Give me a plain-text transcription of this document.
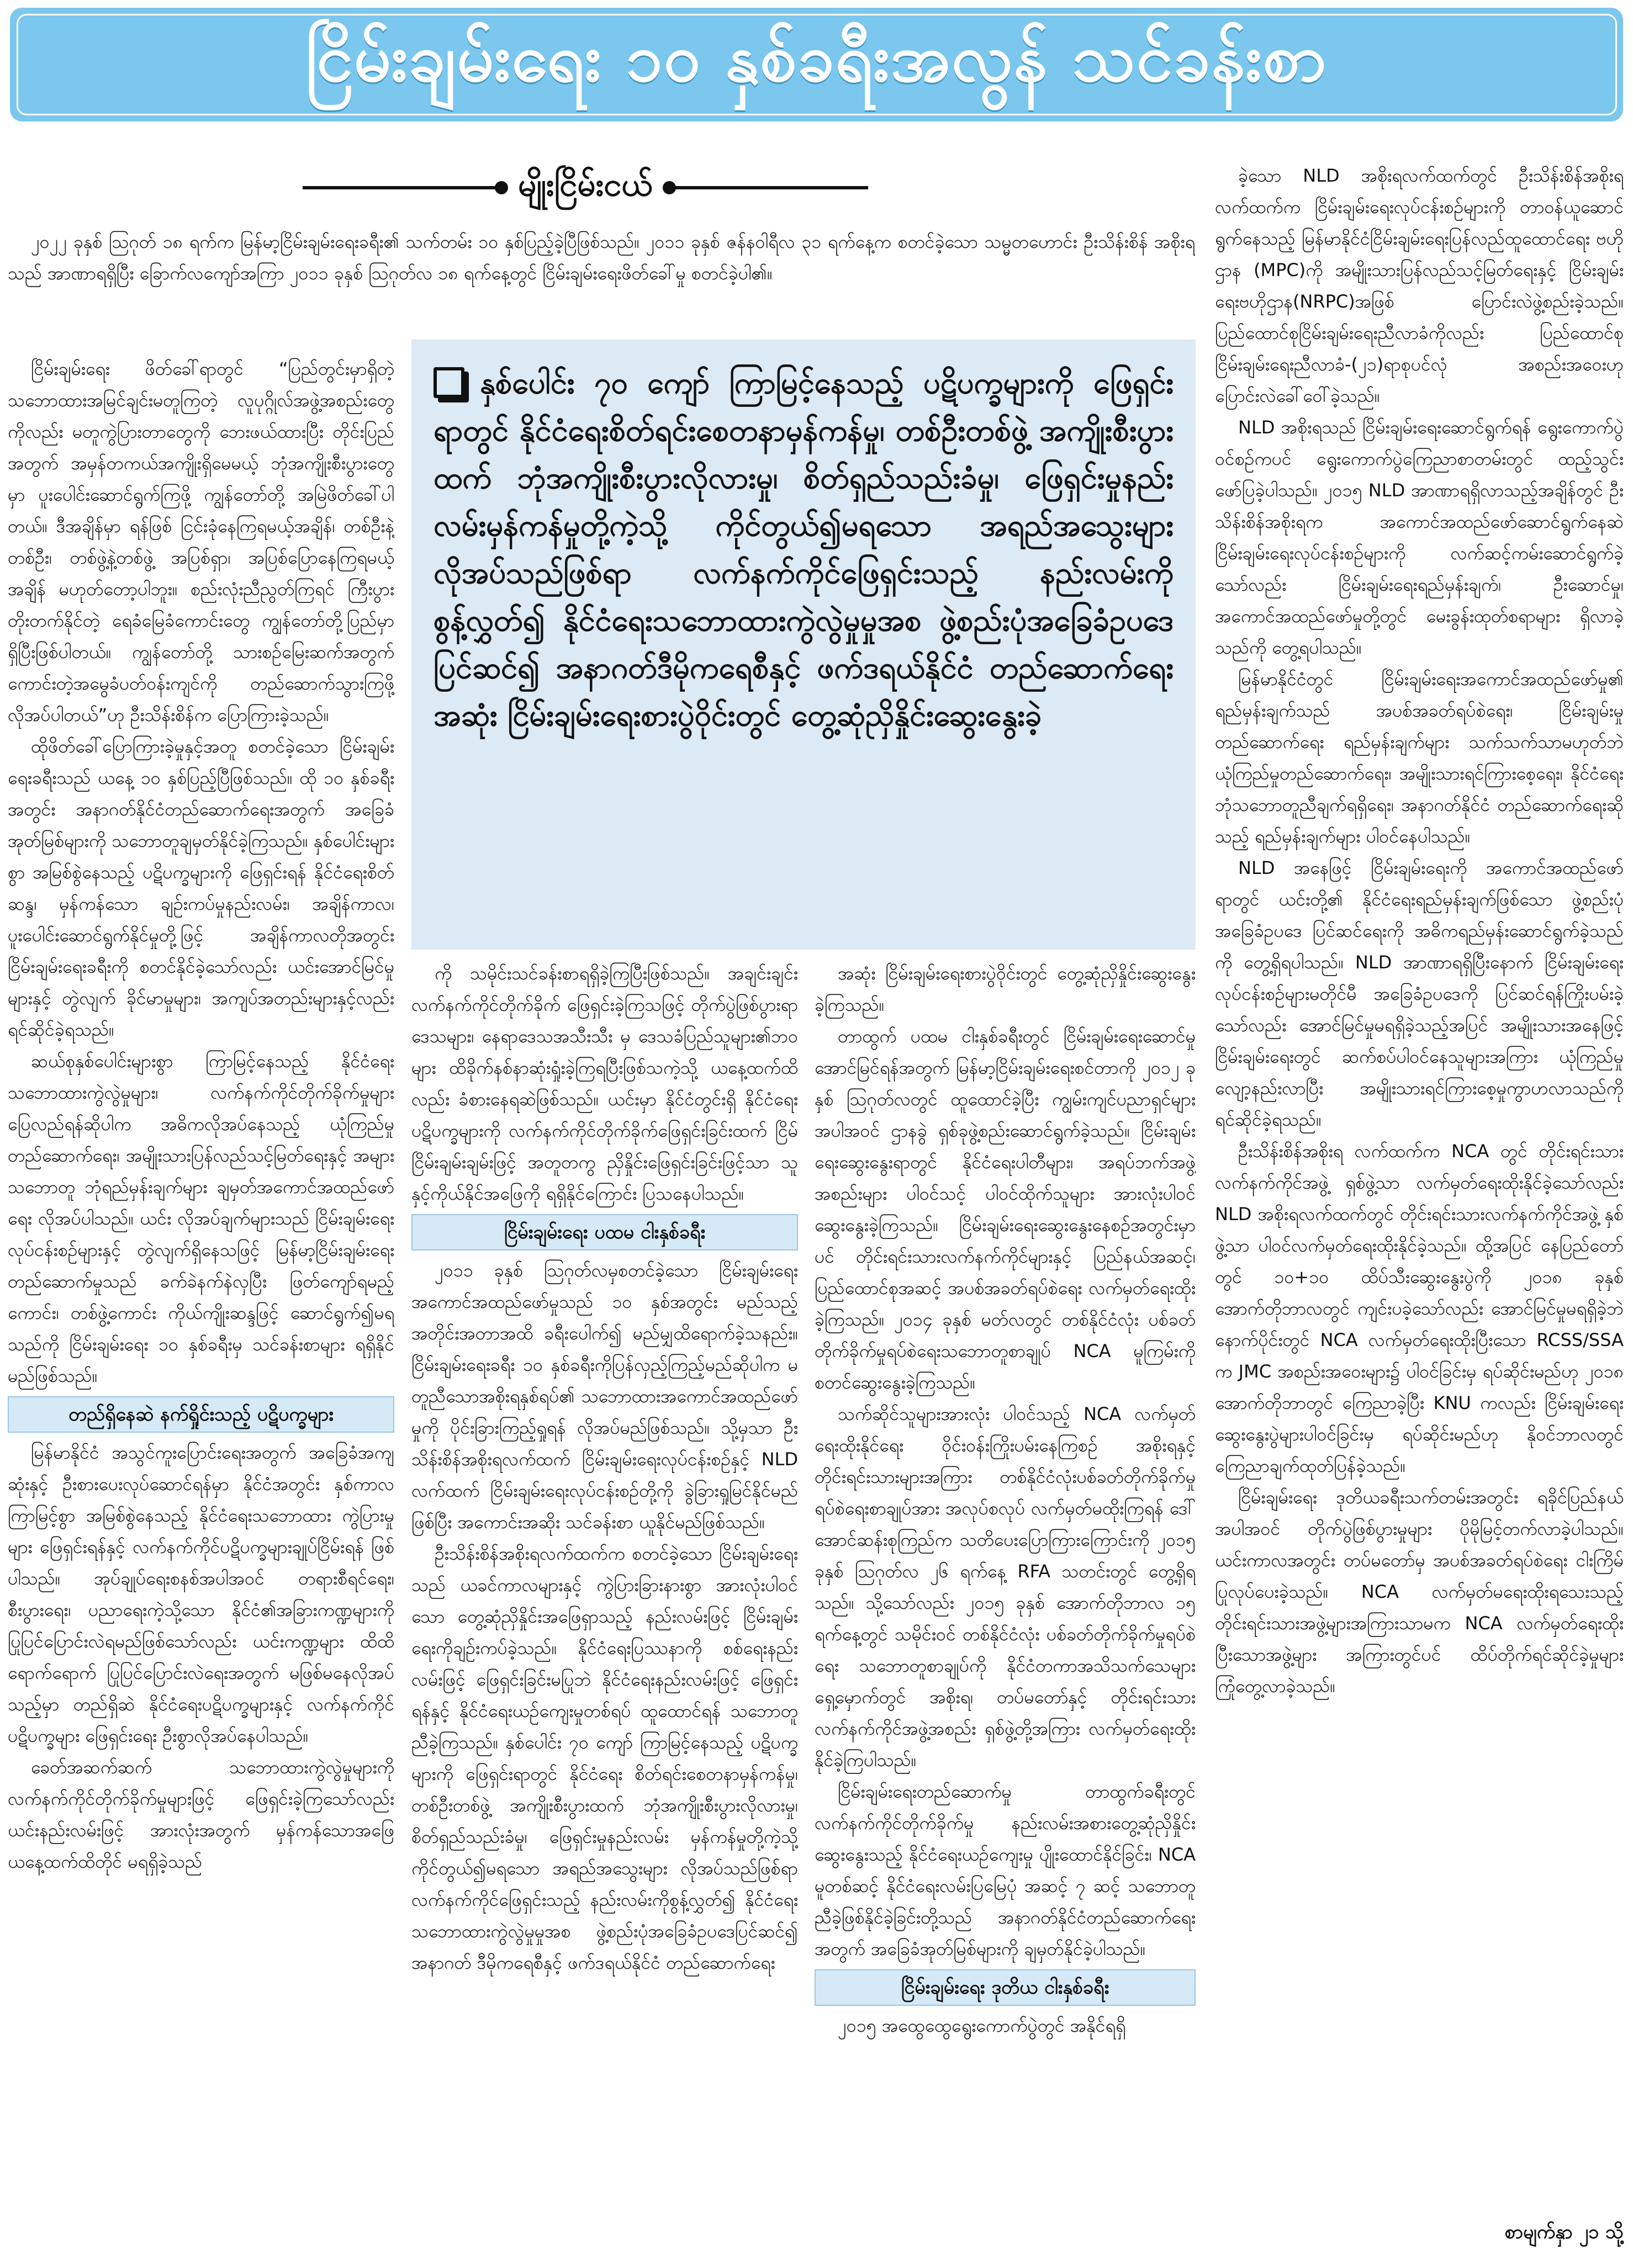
ငြိမ်းချမ်းရေး ၁၀ နှစ်ခရီးအလွန် သင်ခန်းစာ
မျိုးငြိမ်းငယ်

၂၀၂၂ ခုနှစ် ဩဂုတ် ၁၈ ရက်က မြန်မာ့ငြိမ်းချမ်းရေးခရီး၏ သက်တမ်း ၁၀ နှစ်ပြည့်ခဲ့ပြီဖြစ်သည်။ ၂၀၁၁ ခုနှစ် ဇန်နဝါရီလ ၃၁ ရက်နေ့က စတင်ခဲ့သော သမ္မတဟောင်း ဦးသိန်းစိန် အစိုးရသည် အာဏာရရှိပြီး ခြောက်လကျော်အကြာ ၂၀၁၁ ခုနှစ် ဩဂုတ်လ ၁၈ ရက်နေ့တွင် ငြိမ်းချမ်းရေးဖိတ်ခေါ်မှု စတင်ခဲ့ပါ၏။

ငြိမ်းချမ်းရေး ဖိတ်ခေါ်ရာတွင် “ပြည်တွင်းမှာရှိတဲ့ သဘောထားအမြင်ချင်းမတူကြတဲ့ လူပုဂ္ဂိုလ်အဖွဲ့အစည်းတွေကိုလည်း မတူကွဲပြားတာတွေကို ဘေးဖယ်ထားပြီး တိုင်းပြည်အတွက် အမှန်တကယ်အကျိုးရှိမေမယ့် ဘုံအကျိုးစီးပွားတွေမှာ ပူးပေါင်းဆောင်ရွက်ကြဖို့ ကျွန်တော်တို့ အမြဲဖိတ်ခေါ်ပါတယ်။ ဒီအချိန်မှာ ရန်ဖြစ် ငြင်းခုံနေကြရမယ့်အချိန်၊ တစ်ဦးနဲ့တစ်ဦး၊ တစ်ဖွဲ့နဲ့တစ်ဖွဲ့ အပြစ်ရှာ၊ အပြစ်ပြောနေကြရမယ့်အချိန် မဟုတ်တော့ပါဘူး။ စည်းလုံးညီညွတ်ကြရင် ကြီးပွားတိုးတက်နိုင်တဲ့ ရေခံမြေခံကောင်းတွေ ကျွန်တော်တို့ပြည်မှာ ရှိပြီးဖြစ်ပါတယ်။ ကျွန်တော်တို့ သားစဉ်မြေးဆက်အတွက် ကောင်းတဲ့အမွေခံပတ်ဝန်းကျင်ကို တည်ဆောက်သွားကြဖို့ လိုအပ်ပါတယ်”ဟု ဦးသိန်းစိန်က ပြောကြားခဲ့သည်။

ထိုဖိတ်ခေါ်ပြောကြားခဲ့မှုနှင့်အတူ စတင်ခဲ့သော ငြိမ်းချမ်းရေးခရီးသည် ယနေ့ ၁၀ နှစ်ပြည့်ပြီဖြစ်သည်။ ထို ၁၀ နှစ်ခရီးအတွင်း အနာဂတ်နိုင်ငံတည်ဆောက်ရေးအတွက် အခြေခံအုတ်မြစ်များကို သဘောတူချမှတ်နိုင်ခဲ့ကြသည်။ နှစ်ပေါင်းများစွာ အမြစ်စွဲနေသည့် ပဋိပက္ခများကို ဖြေရှင်းရန် နိုင်ငံရေးစိတ်ဆန္ဒ၊ မှန်ကန်သော ချဉ်းကပ်မှုနည်းလမ်း၊ အချိန်ကာလ၊ ပူးပေါင်းဆောင်ရွက်နိုင်မှုတို့ဖြင့် အချိန်ကာလတိုအတွင်း ငြိမ်းချမ်းရေးခရီးကို စတင်နိုင်ခဲ့သော်လည်း ယင်းအောင်မြင်မှုများနှင့် တွဲလျက် ခိုင်မာမှုများ၊ အကျပ်အတည်းများနှင့်လည်း ရင်ဆိုင်ခဲ့ရသည်။

ဆယ်စုနှစ်ပေါင်းများစွာ ကြာမြင့်နေသည့် နိုင်ငံရေးသဘောထားကွဲလွဲမှုများ၊ လက်နက်ကိုင်တိုက်ခိုက်မှုများ ပြေလည်ရန်ဆိုပါက အဓိကလိုအပ်နေသည့် ယုံကြည်မှုတည်ဆောက်ရေး၊ အမျိုးသားပြန်လည်သင့်မြတ်ရေးနှင့် အများသဘောတူ ဘုံရည်မှန်းချက်များ ချမှတ်အကောင်အထည်ဖော်ရေး လိုအပ်ပါသည်။ ယင်း လိုအပ်ချက်များသည် ငြိမ်းချမ်းရေးလုပ်ငန်းစဉ်များနှင့် တွဲလျက်ရှိနေသဖြင့် မြန်မာ့ငြိမ်းချမ်းရေး တည်ဆောက်မှုသည် ခက်ခဲနက်နဲလှပြီး ဖြတ်ကျော်ရမည့် ကောင်း၊ တစ်ဖွဲ့ကောင်း ကိုယ်ကျိုးဆန္ဒဖြင့် ဆောင်ရွက်၍မရသည်ကို ငြိမ်းချမ်းရေး ၁၀ နှစ်ခရီးမှ သင်ခန်းစာများ ရရှိနိုင်မည်ဖြစ်သည်။

တည်ရှိနေဆဲ နက်ရှိုင်းသည့် ပဋိပက္ခများ

မြန်မာနိုင်ငံ အသွင်ကူးပြောင်းရေးအတွက် အခြေခံအကျဆုံးနှင့် ဦးစားပေးလုပ်ဆောင်ရန်မှာ နိုင်ငံအတွင်း နှစ်ကာလကြာမြင့်စွာ အမြစ်စွဲနေသည့် နိုင်ငံရေးသဘောထား ကွဲပြားမှုများ ဖြေရှင်းရန်နှင့် လက်နက်ကိုင်ပဋိပက္ခများချုပ်ငြိမ်းရန် ဖြစ်ပါသည်။ အုပ်ချုပ်ရေးစနစ်အပါအဝင် တရားစီရင်ရေး၊ စီးပွားရေး၊ ပညာရေးကဲ့သို့သော နိုင်ငံ၏အခြားကဏ္ဍများကို ပြုပြင်ပြောင်းလဲရမည်ဖြစ်သော်လည်း ယင်းကဏ္ဍများ ထိထိရောက်ရောက် ပြုပြင်ပြောင်းလဲရေးအတွက် မဖြစ်မနေလိုအပ်သည့်မှာ တည်ရှိဆဲ နိုင်ငံရေးပဋိပက္ခများနှင့် လက်နက်ကိုင်ပဋိပက္ခများ ဖြေရှင်းရေး ဦးစွာလိုအပ်နေပါသည်။

ခေတ်အဆက်ဆက် သဘောထားကွဲလွဲမှုများကို လက်နက်ကိုင်တိုက်ခိုက်မှုများဖြင့် ဖြေရှင်းခဲ့ကြသော်လည်း ယင်းနည်းလမ်းဖြင့် အားလုံးအတွက် မှန်ကန်သောအဖြေ ယနေ့ထက်ထိတိုင် မရရှိခဲ့သည်

နှစ်ပေါင်း ၇၀ ကျော် ကြာမြင့်နေသည့် ပဋိပက္ခများကို ဖြေရှင်းရာတွင် နိုင်ငံရေးစိတ်ရင်းစေတနာမှန်ကန်မှု၊ တစ်ဦးတစ်ဖွဲ့ အကျိုးစီးပွားထက် ဘုံအကျိုးစီးပွားလိုလားမှု၊ စိတ်ရှည်သည်းခံမှု၊ ဖြေရှင်းမှုနည်းလမ်းမှန်ကန်မှုတို့ကဲ့သို့ ကိုင်တွယ်၍မရသော အရည်အသွေးများ လိုအပ်သည်ဖြစ်ရာ လက်နက်ကိုင်ဖြေရှင်းသည့် နည်းလမ်းကို စွန့်လွှတ်၍ နိုင်ငံရေးသဘောထားကွဲလွဲမှုမှုအစ ဖွဲ့စည်းပုံအခြေခံဥပဒေပြင်ဆင်၍ အနာဂတ်ဒီမိုကရေစီနှင့် ဖက်ဒရယ်နိုင်ငံ တည်ဆောက်ရေးအဆုံး ငြိမ်းချမ်းရေးစားပွဲဝိုင်းတွင် တွေ့ဆုံညှိနှိုင်းဆွေးနွေးခဲ့

ကို သမိုင်းသင်ခန်းစာရရှိခဲ့ကြပြီးဖြစ်သည်။ အချင်းချင်း လက်နက်ကိုင်တိုက်ခိုက် ဖြေရှင်းခဲ့ကြသဖြင့် တိုက်ပွဲဖြစ်ပွားရာဒေသများ၊ နေရာဒေသအသီးသီး မှ ဒေသခံပြည်သူများ၏ဘဝများ ထိခိုက်နစ်နာဆုံးရှုံးခဲ့ကြရပြီးဖြစ်သကဲ့သို့ ယနေ့ထက်ထိလည်း ခံစားနေရဆဲဖြစ်သည်။ ယင်းမှာ နိုင်ငံတွင်းရှိ နိုင်ငံရေးပဋိပက္ခများကို လက်နက်ကိုင်တိုက်ခိုက်ဖြေရှင်းခြင်းထက် ငြိမ်ငြိမ်းချမ်းချမ်းဖြင့် အတူတကွ ညှိနှိုင်းဖြေရှင်းခြင်းဖြင့်သာ သူနှင့်ကိုယ်နိုင်အဖြေကို ရရှိနိုင်ကြောင်း ပြသနေပါသည်။

ငြိမ်းချမ်းရေး ပထမ ငါးနှစ်ခရီး

၂၀၁၁ ခုနှစ် ဩဂုတ်လမှစတင်ခဲ့သော ငြိမ်းချမ်းရေး အကောင်အထည်ဖော်မှုသည် ၁၀ နှစ်အတွင်း မည်သည့်အတိုင်းအတာအထိ ခရီးပေါက်၍ မည်မျှထိရောက်ခဲ့သနည်း။ ငြိမ်းချမ်းရေးခရီး ၁၀ နှစ်ခရီးကိုပြန်လှည့်ကြည့်မည်ဆိုပါက မတူညီသောအစိုးရနှစ်ရပ်၏ သဘောထားအကောင်အထည်ဖော်မှုကို ပိုင်းခြားကြည့်ရှုရန် လိုအပ်မည်ဖြစ်သည်။ သို့မှသာ ဦးသိန်းစိန်အစိုးရလက်ထက် ငြိမ်းချမ်းရေးလုပ်ငန်းစဉ်နှင့် NLD လက်ထက် ငြိမ်းချမ်းရေးလုပ်ငန်းစဉ်တို့ကို ခွဲခြားရှုမြင်နိုင်မည်ဖြစ်ပြီး အကောင်းအဆိုး သင်ခန်းစာ ယူနိုင်မည်ဖြစ်သည်။

ဦးသိန်းစိန်အစိုးရလက်ထက်က စတင်ခဲ့သော ငြိမ်းချမ်းရေးသည် ယခင်ကာလများနှင့် ကွဲပြားခြားနားစွာ အားလုံးပါဝင်သော တွေ့ဆုံညှိနှိုင်းအဖြေရှာသည့် နည်းလမ်းဖြင့် ငြိမ်းချမ်းရေးကိုချဉ်းကပ်ခဲ့သည်။ နိုင်ငံရေးပြဿနာကို စစ်ရေးနည်းလမ်းဖြင့် ဖြေရှင်းခြင်းမပြုဘဲ နိုင်ငံရေးနည်းလမ်းဖြင့် ဖြေရှင်းရန်နှင့် နိုင်ငံရေးယဉ်ကျေးမှုတစ်ရပ် ထူထောင်ရန် သဘောတူညီခဲ့ကြသည်။ နှစ်ပေါင်း ၇၀ ကျော် ကြာမြင့်နေသည့် ပဋိပက္ခများကို ဖြေရှင်းရာတွင် နိုင်ငံရေး စိတ်ရင်းစေတနာမှန်ကန်မှု၊ တစ်ဦးတစ်ဖွဲ့ အကျိုးစီးပွားထက် ဘုံအကျိုးစီးပွားလိုလားမှု၊ စိတ်ရှည်သည်းခံမှု၊ ဖြေရှင်းမှုနည်းလမ်း မှန်ကန်မှုတို့ကဲ့သို့ ကိုင်တွယ်၍မရသော အရည်အသွေးများ လိုအပ်သည်ဖြစ်ရာ လက်နက်ကိုင်ဖြေရှင်းသည့် နည်းလမ်းကိုစွန့်လွှတ်၍ နိုင်ငံရေးသဘောထားကွဲလွဲမှုမှုအစ ဖွဲ့စည်းပုံအခြေခံဥပဒေပြင်ဆင်၍ အနာဂတ် ဒီမိုကရေစီနှင့် ဖက်ဒရယ်နိုင်ငံ တည်ဆောက်ရေး

အဆုံး ငြိမ်းချမ်းရေးစားပွဲဝိုင်းတွင် တွေ့ဆုံညှိနှိုင်းဆွေးနွေးခဲ့ကြသည်။

တာထွက် ပထမ ငါးနှစ်ခရီးတွင် ငြိမ်းချမ်းရေးဆောင်မှု အောင်မြင်ရန်အတွက် မြန်မာ့ငြိမ်းချမ်းရေးစင်တာကို ၂၀၁၂ ခုနှစ် ဩဂုတ်လတွင် ထူထောင်ခဲ့ပြီး ကျွမ်းကျင်ပညာရှင်များအပါအဝင် ဌာနခွဲ ရှစ်ခုဖွဲ့စည်းဆောင်ရွက်ခဲ့သည်။ ငြိမ်းချမ်းရေးဆွေးနွေးရာတွင် နိုင်ငံရေးပါတီများ၊ အရပ်ဘက်အဖွဲ့အစည်းများ ပါဝင်သင့် ပါဝင်ထိုက်သူများ အားလုံးပါဝင်ဆွေးနွေးခဲ့ကြသည်။ ငြိမ်းချမ်းရေးဆွေးနွေးနေစဉ်အတွင်းမှာပင် တိုင်းရင်းသားလက်နက်ကိုင်များနှင့် ပြည်နယ်အဆင့်၊ ပြည်ထောင်စုအဆင့် အပစ်အခတ်ရပ်စဲရေး လက်မှတ်ရေးထိုးခဲ့ကြသည်။ ၂၀၁၄ ခုနှစ် မတ်လတွင် တစ်နိုင်ငံလုံး ပစ်ခတ်တိုက်ခိုက်မှုရပ်စဲရေးသဘောတူစာချုပ် NCA မူကြမ်းကို စတင်ဆွေးနွေးခဲ့ကြသည်။

သက်ဆိုင်သူများအားလုံး ပါဝင်သည့် NCA လက်မှတ်ရေးထိုးနိုင်ရေး ဝိုင်းဝန်းကြိုးပမ်းနေကြစဉ် အစိုးရနှင့် တိုင်းရင်းသားများအကြား တစ်နိုင်ငံလုံးပစ်ခတ်တိုက်ခိုက်မှုရပ်စဲရေးစာချုပ်အား အလုပ်စလုပ် လက်မှတ်မထိုးကြရန် ဒေါ်အောင်ဆန်းစုကြည်က သတိပေးပြောကြားကြောင်းကို ၂၀၁၅ ခုနှစ် ဩဂုတ်လ ၂၆ ရက်နေ့ RFA သတင်းတွင် တွေ့ရှိရသည်။ သို့သော်လည်း ၂၀၁၅ ခုနှစ် အောက်တိုဘာလ ၁၅ ရက်နေ့တွင် သမိုင်းဝင် တစ်နိုင်ငံလုံး ပစ်ခတ်တိုက်ခိုက်မှုရပ်စဲရေး သဘောတူစာချုပ်ကို နိုင်ငံတကာအသိသက်သေများ ရှေ့မှောက်တွင် အစိုးရ၊ တပ်မတော်နှင့် တိုင်းရင်းသားလက်နက်ကိုင်အဖွဲ့အစည်း ရှစ်ဖွဲ့တို့အကြား လက်မှတ်ရေးထိုးနိုင်ခဲ့ကြပါသည်။

ငြိမ်းချမ်းရေးတည်ဆောက်မှု တာထွက်ခရီးတွင် လက်နက်ကိုင်တိုက်ခိုက်မှု နည်းလမ်းအစားတွေ့ဆုံညှိနှိုင်းဆွေးနွေးသည့် နိုင်ငံရေးယဉ်ကျေးမှု ပျိုးထောင်နိုင်ခြင်း၊ NCA မူတစ်ဆင့် နိုင်ငံရေးလမ်းပြမြေပုံ အဆင့် ၇ ဆင့် သဘောတူညီခဲ့ဖြစ်နိုင်ခဲ့ခြင်းတို့သည် အနာဂတ်နိုင်ငံတည်ဆောက်ရေးအတွက် အခြေခံအုတ်မြစ်များကို ချမှတ်နိုင်ခဲ့ပါသည်။

ငြိမ်းချမ်းရေး ဒုတိယ ငါးနှစ်ခရီး

၂၀၁၅ အထွေထွေရွေးကောက်ပွဲတွင် အနိုင်ရရှိ

ခဲ့သော NLD အစိုးရလက်ထက်တွင် ဦးသိန်းစိန်အစိုးရလက်ထက်က ငြိမ်းချမ်းရေးလုပ်ငန်းစဉ်များကို တာဝန်ယူဆောင်ရွက်နေသည့် မြန်မာနိုင်ငံငြိမ်းချမ်းရေးပြန်လည်ထူထောင်ရေး ဗဟိုဌာန (MPC)ကို အမျိုးသားပြန်လည်သင့်မြတ်ရေးနှင့် ငြိမ်းချမ်းရေးဗဟိုဌာန(NRPC)အဖြစ် ပြောင်းလဲဖွဲ့စည်းခဲ့သည်။ ပြည်ထောင်စုငြိမ်းချမ်းရေးညီလာခံကိုလည်း ပြည်ထောင်စုငြိမ်းချမ်းရေးညီလာခံ-(၂၁)ရာစုပင်လုံ အစည်းအဝေးဟု ပြောင်းလဲခေါ်ဝေါ်ခဲ့သည်။

NLD အစိုးရသည် ငြိမ်းချမ်းရေးဆောင်ရွက်ရန် ရွေးကောက်ပွဲဝင်စဉ်ကပင် ရွေးကောက်ပွဲကြေညာစာတမ်းတွင် ထည့်သွင်းဖော်ပြခဲ့ပါသည်။ ၂၀၁၅ NLD အာဏာရရှိလာသည့်အချိန်တွင် ဦးသိန်းစိန်အစိုးရက အကောင်အထည်ဖော်ဆောင်ရွက်နေဆဲ ငြိမ်းချမ်းရေးလုပ်ငန်းစဉ်များကို လက်ဆင့်ကမ်းဆောင်ရွက်ခဲ့သော်လည်း ငြိမ်းချမ်းရေးရည်မှန်းချက်၊ ဦးဆောင်မှု၊ အကောင်အထည်ဖော်မှုတို့တွင် မေးခွန်းထုတ်စရာများ ရှိလာခဲ့သည်ကို တွေ့ရပါသည်။

မြန်မာနိုင်ငံတွင် ငြိမ်းချမ်းရေးအကောင်အထည်ဖော်မှု၏ ရည်မှန်းချက်သည် အပစ်အခတ်ရပ်စဲရေး၊ ငြိမ်းချမ်းမှုတည်ဆောက်ရေး ရည်မှန်းချက်များ သက်သက်သာမဟုတ်ဘဲ ယုံကြည်မှုတည်ဆောက်ရေး၊ အမျိုးသားရင်ကြားစေ့ရေး၊ နိုင်ငံရေး ဘုံသဘောတူညီချက်ရရှိရေး၊ အနာဂတ်နိုင်ငံ တည်ဆောက်ရေးဆိုသည့် ရည်မှန်းချက်များ ပါဝင်နေပါသည်။

NLD အနေဖြင့် ငြိမ်းချမ်းရေးကို အကောင်အထည်ဖော်ရာတွင် ယင်းတို့၏ နိုင်ငံရေးရည်မှန်းချက်ဖြစ်သော ဖွဲ့စည်းပုံအခြေခံဥပဒေ ပြင်ဆင်ရေးကို အဓိကရည်မှန်းဆောင်ရွက်ခဲ့သည်ကို တွေ့ရှိရပါသည်။ NLD အာဏာရရှိပြီးနောက် ငြိမ်းချမ်းရေးလုပ်ငန်းစဉ်များမတိုင်မီ အခြေခံဥပဒေကို ပြင်ဆင်ရန်ကြိုးပမ်းခဲ့သော်လည်း အောင်မြင်မှုမရရှိခဲ့သည့်အပြင် အမျိုးသားအနေဖြင့် ငြိမ်းချမ်းရေးတွင် ဆက်စပ်ပါဝင်နေသူများအကြား ယုံကြည်မှုလျော့နည်းလာပြီး အမျိုးသားရင်ကြားစေ့မှုကွာဟလာသည်ကို ရင်ဆိုင်ခဲ့ရသည်။

ဦးသိန်းစိန်အစိုးရ လက်ထက်က NCA တွင် တိုင်းရင်းသားလက်နက်ကိုင်အဖွဲ့ ရှစ်ဖွဲ့သာ လက်မှတ်ရေးထိုးနိုင်ခဲ့သော်လည်း NLD အစိုးရလက်ထက်တွင် တိုင်းရင်းသားလက်နက်ကိုင်အဖွဲ့ နှစ်ဖွဲ့သာ ပါဝင်လက်မှတ်ရေးထိုးနိုင်ခဲ့သည်။ ထို့အပြင် နေပြည်တော်တွင် ၁၀+၁၀ ထိပ်သီးဆွေးနွေးပွဲကို ၂၀၁၈ ခုနှစ် အောက်တိုဘာလတွင် ကျင်းပခဲ့သော်လည်း အောင်မြင်မှုမရရှိခဲ့ဘဲ နောက်ပိုင်းတွင် NCA လက်မှတ်ရေးထိုးပြီးသော RCSS/SSA က JMC အစည်းအဝေးများ၌ ပါဝင်ခြင်းမှ ရပ်ဆိုင်းမည်ဟု ၂၀၁၈ အောက်တိုဘာတွင် ကြေညာခဲ့ပြီး KNU ကလည်း ငြိမ်းချမ်းရေး ဆွေးနွေးပွဲများပါဝင်ခြင်းမှ ရပ်ဆိုင်းမည်ဟု နိုဝင်ဘာလတွင် ကြေညာချက်ထုတ်ပြန်ခဲ့သည်။

ငြိမ်းချမ်းရေး ဒုတိယခရီးသက်တမ်းအတွင်း ရခိုင်ပြည်နယ်အပါအဝင် တိုက်ပွဲဖြစ်ပွားမှုများ ပိုမိုမြင့်တက်လာခဲ့ပါသည်။ ယင်းကာလအတွင်း တပ်မတော်မှ အပစ်အခတ်ရပ်စဲရေး ငါးကြိမ် ပြုလုပ်ပေးခဲ့သည်။ NCA လက်မှတ်မရေးထိုးရသေးသည့် တိုင်းရင်းသားအဖွဲ့များအကြားသာမက NCA လက်မှတ်ရေးထိုးပြီးသောအဖွဲ့များ အကြားတွင်ပင် ထိပ်တိုက်ရင်ဆိုင်ခဲ့မှုများ ကြုံတွေ့လာခဲ့သည်။

စာမျက်နှာ ၂၁ သို့
